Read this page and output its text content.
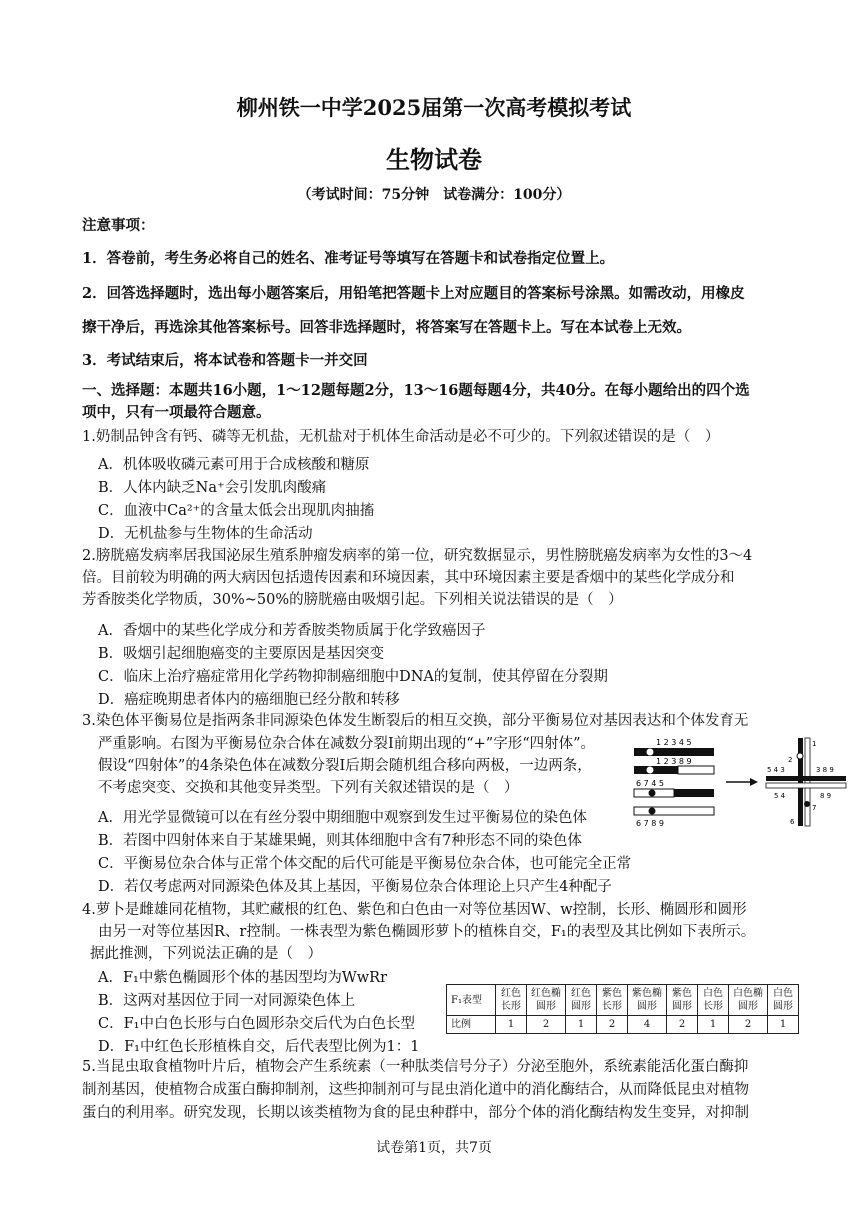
柳州铁一中学2025届第一次高考模拟考试
生物试卷
（考试时间：75分钟　试卷满分：100分）
注意事项：
1．答卷前，考生务必将自己的姓名、准考证号等填写在答题卡和试卷指定位置上。
2．回答选择题时，选出每小题答案后，用铅笔把答题卡上对应题目的答案标号涂黑。如需改动，用橡皮
擦干净后，再选涂其他答案标号。回答非选择题时，将答案写在答题卡上。写在本试卷上无效。
3．考试结束后，将本试卷和答题卡一并交回
一、选择题：本题共16小题，1～12题每题2分，13～16题每题4分，共40分。在每小题给出的四个选
项中，只有一项最符合题意。
1.奶制品钟含有钙、磷等无机盐，无机盐对于机体生命活动是必不可少的。下列叙述错误的是（　）
A．机体吸收磷元素可用于合成核酸和糖原
B．人体内缺乏Na⁺会引发肌肉酸痛
C．血液中Ca²⁺的含量太低会出现肌肉抽搐
D．无机盐参与生物体的生命活动
2.膀胱癌发病率居我国泌尿生殖系肿瘤发病率的第一位，研究数据显示，男性膀胱癌发病率为女性的3～4
倍。目前较为明确的两大病因包括遗传因素和环境因素，其中环境因素主要是香烟中的某些化学成分和
芳香胺类化学物质，30%~50%的膀胱癌由吸烟引起。下列相关说法错误的是（　）
A．香烟中的某些化学成分和芳香胺类物质属于化学致癌因子
B．吸烟引起细胞癌变的主要原因是基因突变
C．临床上治疗癌症常用化学药物抑制癌细胞中DNA的复制，使其停留在分裂期
D．癌症晚期患者体内的癌细胞已经分散和转移
3.染色体平衡易位是指两条非同源染色体发生断裂后的相互交换，部分平衡易位对基因表达和个体发育无
严重影响。右图为平衡易位杂合体在减数分裂Ⅰ前期出现的“+”字形“四射体”。
假设“四射体”的4条染色体在减数分裂Ⅰ后期会随机组合移向两极，一边两条，
不考虑突变、交换和其他变异类型。下列有关叙述错误的是（　）
A．用光学显微镜可以在有丝分裂中期细胞中观察到发生过平衡易位的染色体
B．若图中四射体来自于某雄果蝇，则其体细胞中含有7种形态不同的染色体
C．平衡易位杂合体与正常个体交配的后代可能是平衡易位杂合体，也可能完全正常
D．若仅考虑两对同源染色体及其上基因，平衡易位杂合体理论上只产生4种配子
1 2 3 4 5
1 2 3 8 9
6 7 4 5
6 7 8 9
1
2
5 4 3	3 8 9
5 4	8 9
7
6
4.萝卜是雌雄同花植物，其贮藏根的红色、紫色和白色由一对等位基因W、w控制，长形、椭圆形和圆形
由另一对等位基因R、r控制。一株表型为紫色椭圆形萝卜的植株自交，F₁的表型及其比例如下表所示。
据此推测，下列说法正确的是（　）
A．F₁中紫色椭圆形个体的基因型均为WwRr
B．这两对基因位于同一对同源染色体上
C．F₁中白色长形与白色圆形杂交后代为白色长型
D．F₁中红色长形植株自交，后代表型比例为1：1
F₁表型	红色长形	红色椭圆形	红色圆形	紫色长形	紫色椭圆形	紫色圆形	白色长形	白色椭圆形	白色圆形
比例	1	2	1	2	4	2	1	2	1
5.当昆虫取食植物叶片后，植物会产生系统素（一种肽类信号分子）分泌至胞外，系统素能活化蛋白酶抑
制剂基因，使植物合成蛋白酶抑制剂，这些抑制剂可与昆虫消化道中的消化酶结合，从而降低昆虫对植物
蛋白的利用率。研究发现，长期以该类植物为食的昆虫种群中，部分个体的消化酶结构发生变异，对抑制
试卷第1页，共7页
